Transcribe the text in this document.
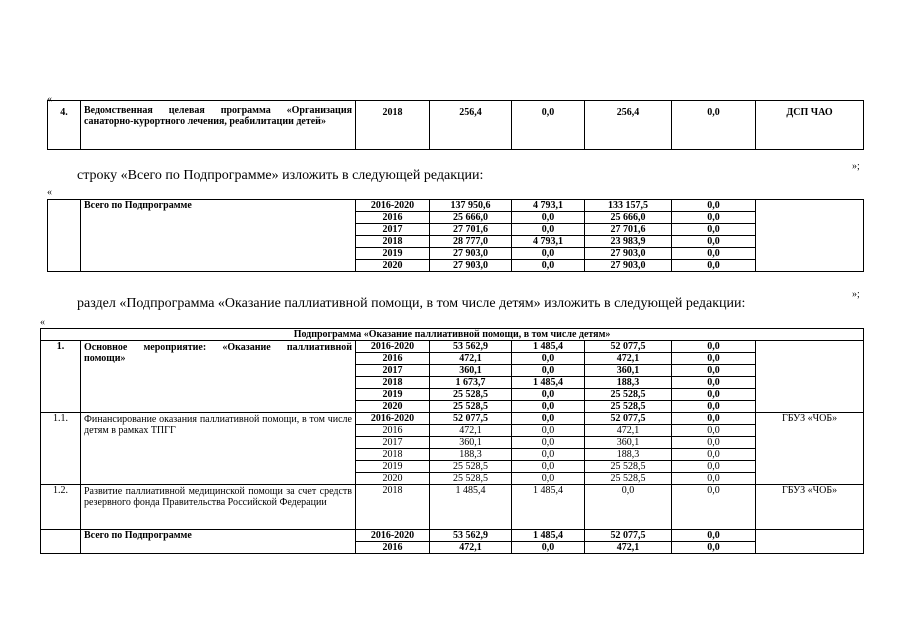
«
»;
«
»;
«
строку «Всего по Подпрограмме» изложить в следующей редакции:
раздел «Подпрограмма «Оказание паллиативной помощи, в том числе детям» изложить в следующей редакции:
4.	Ведомственная целевая программа «Организация санаторно-курортного лечения, реабилитации детей»	2018	256,4	0,0	256,4	0,0	ДСП ЧАО
	Всего по Подпрограмме	2016-2020	137 950,6	4 793,1	133 157,5	0,0	
		2016	25 666,0	0,0	25 666,0	0,0	
		2017	27 701,6	0,0	27 701,6	0,0	
		2018	28 777,0	4 793,1	23 983,9	0,0	
		2019	27 903,0	0,0	27 903,0	0,0	
		2020	27 903,0	0,0	27 903,0	0,0	
Подпрограмма «Оказание паллиативной помощи, в том числе детям»							
1.	Основное мероприятие: «Оказание паллиативной помощи»	2016-2020	53 562,9	1 485,4	52 077,5	0,0	
		2016	472,1	0,0	472,1	0,0	
		2017	360,1	0,0	360,1	0,0	
		2018	1 673,7	1 485,4	188,3	0,0	
		2019	25 528,5	0,0	25 528,5	0,0	
		2020	25 528,5	0,0	25 528,5	0,0	
1.1.	Финансирование оказания паллиативной помощи, в том числе детям в рамках ТПГГ	2016-2020	52 077,5	0,0	52 077,5	0,0	ГБУЗ «ЧОБ»
		2016	472,1	0,0	472,1	0,0	
		2017	360,1	0,0	360,1	0,0	
		2018	188,3	0,0	188,3	0,0	
		2019	25 528,5	0,0	25 528,5	0,0	
		2020	25 528,5	0,0	25 528,5	0,0	
1.2.	Развитие паллиативной медицинской помощи за счет средств резервного фонда Правительства Российской Федерации	2018	1 485,4	1 485,4	0,0	0,0	ГБУЗ «ЧОБ»
	Всего по Подпрограмме	2016-2020	53 562,9	1 485,4	52 077,5	0,0	
		2016	472,1	0,0	472,1	0,0	
